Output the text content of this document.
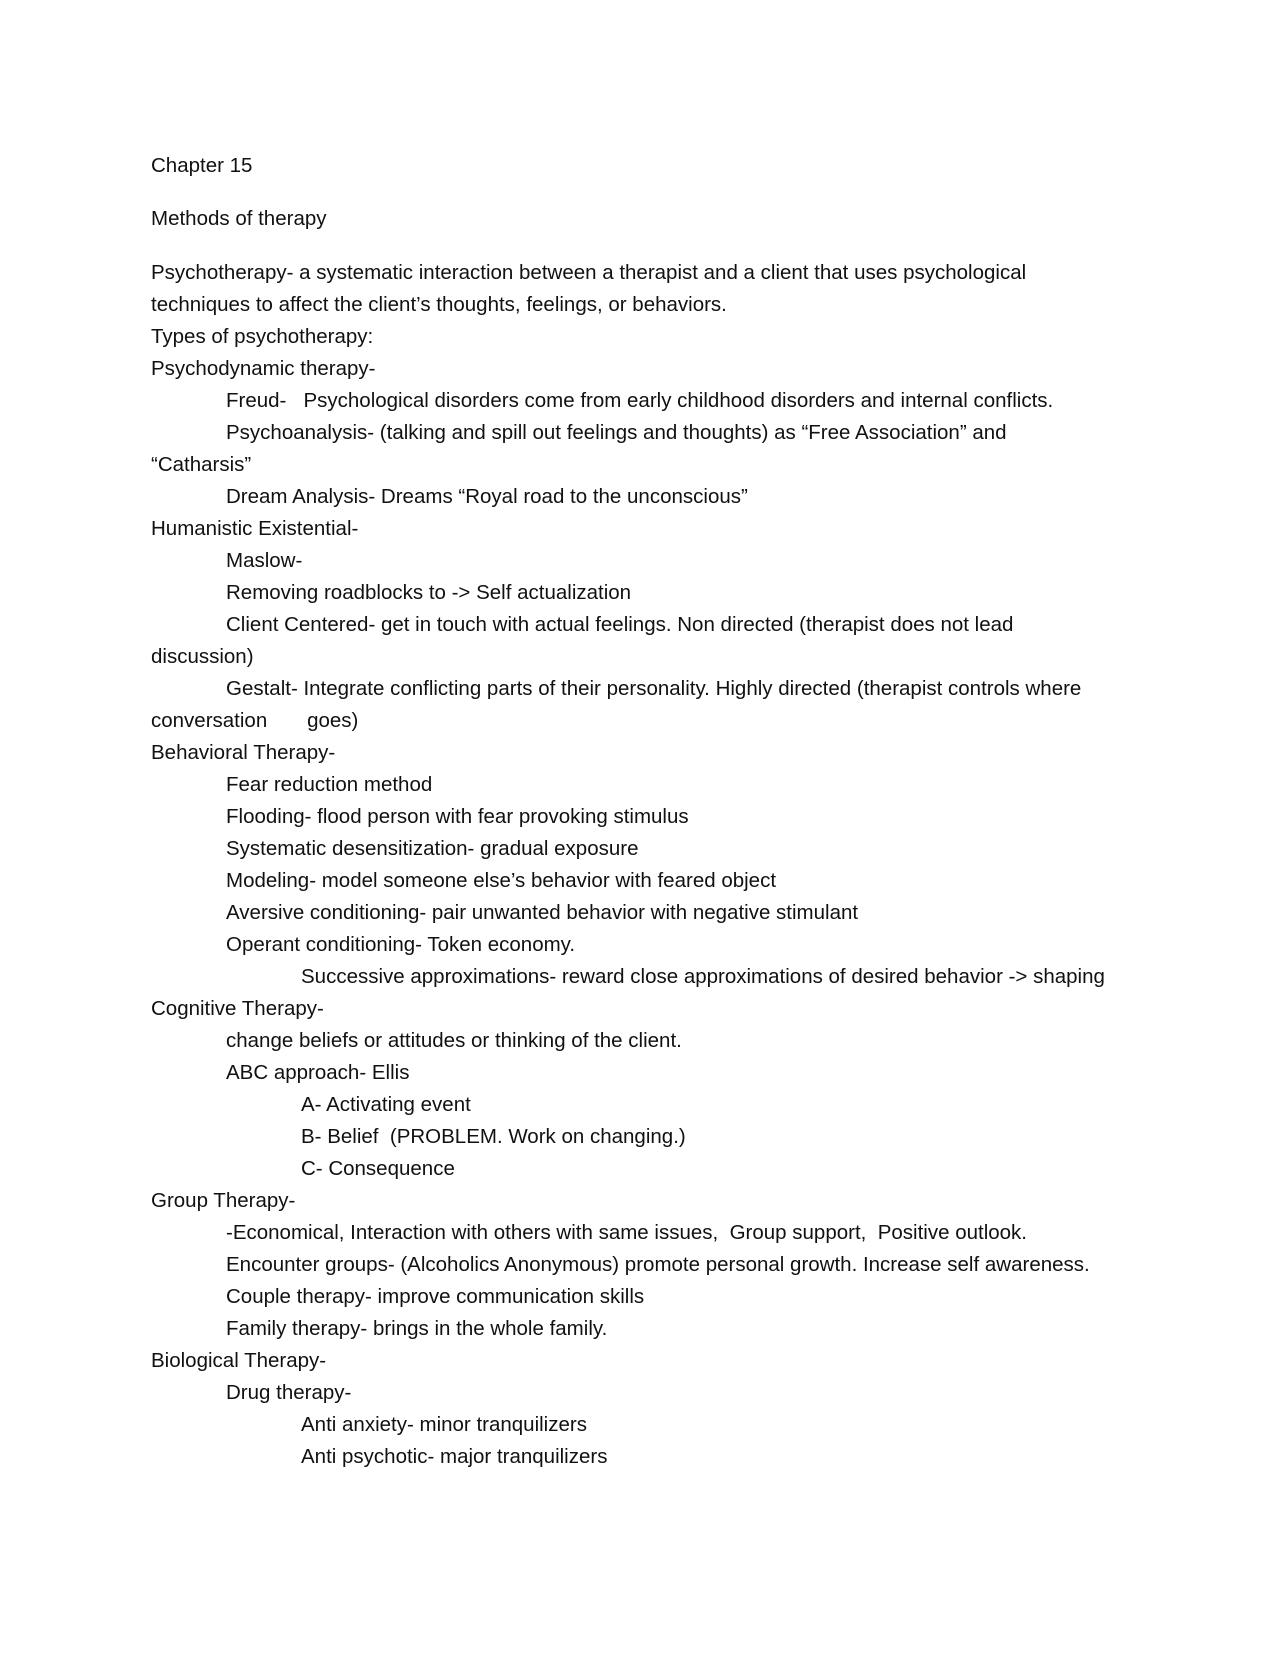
Chapter 15
Methods of therapy
Psychotherapy- a systematic interaction between a therapist and a client that uses psychological
techniques to affect the client’s thoughts, feelings, or behaviors.
Types of psychotherapy:
Psychodynamic therapy-
Freud-   Psychological disorders come from early childhood disorders and internal conflicts.
Psychoanalysis- (talking and spill out feelings and thoughts) as “Free Association” and
“Catharsis”
Dream Analysis- Dreams “Royal road to the unconscious”
Humanistic Existential-
Maslow-
Removing roadblocks to -> Self actualization
Client Centered- get in touch with actual feelings. Non directed (therapist does not lead
discussion)
Gestalt- Integrate conflicting parts of their personality. Highly directed (therapist controls where
conversation       goes)
Behavioral Therapy-
Fear reduction method
Flooding- flood person with fear provoking stimulus
Systematic desensitization- gradual exposure
Modeling- model someone else’s behavior with feared object
Aversive conditioning- pair unwanted behavior with negative stimulant
Operant conditioning- Token economy.
Successive approximations- reward close approximations of desired behavior -> shaping
Cognitive Therapy-
change beliefs or attitudes or thinking of the client.
ABC approach- Ellis
A- Activating event
B- Belief  (PROBLEM. Work on changing.)
C- Consequence
Group Therapy-
-Economical, Interaction with others with same issues,  Group support,  Positive outlook.
Encounter groups- (Alcoholics Anonymous) promote personal growth. Increase self awareness.
Couple therapy- improve communication skills
Family therapy- brings in the whole family.
Biological Therapy-
Drug therapy-
Anti anxiety- minor tranquilizers
Anti psychotic- major tranquilizers
